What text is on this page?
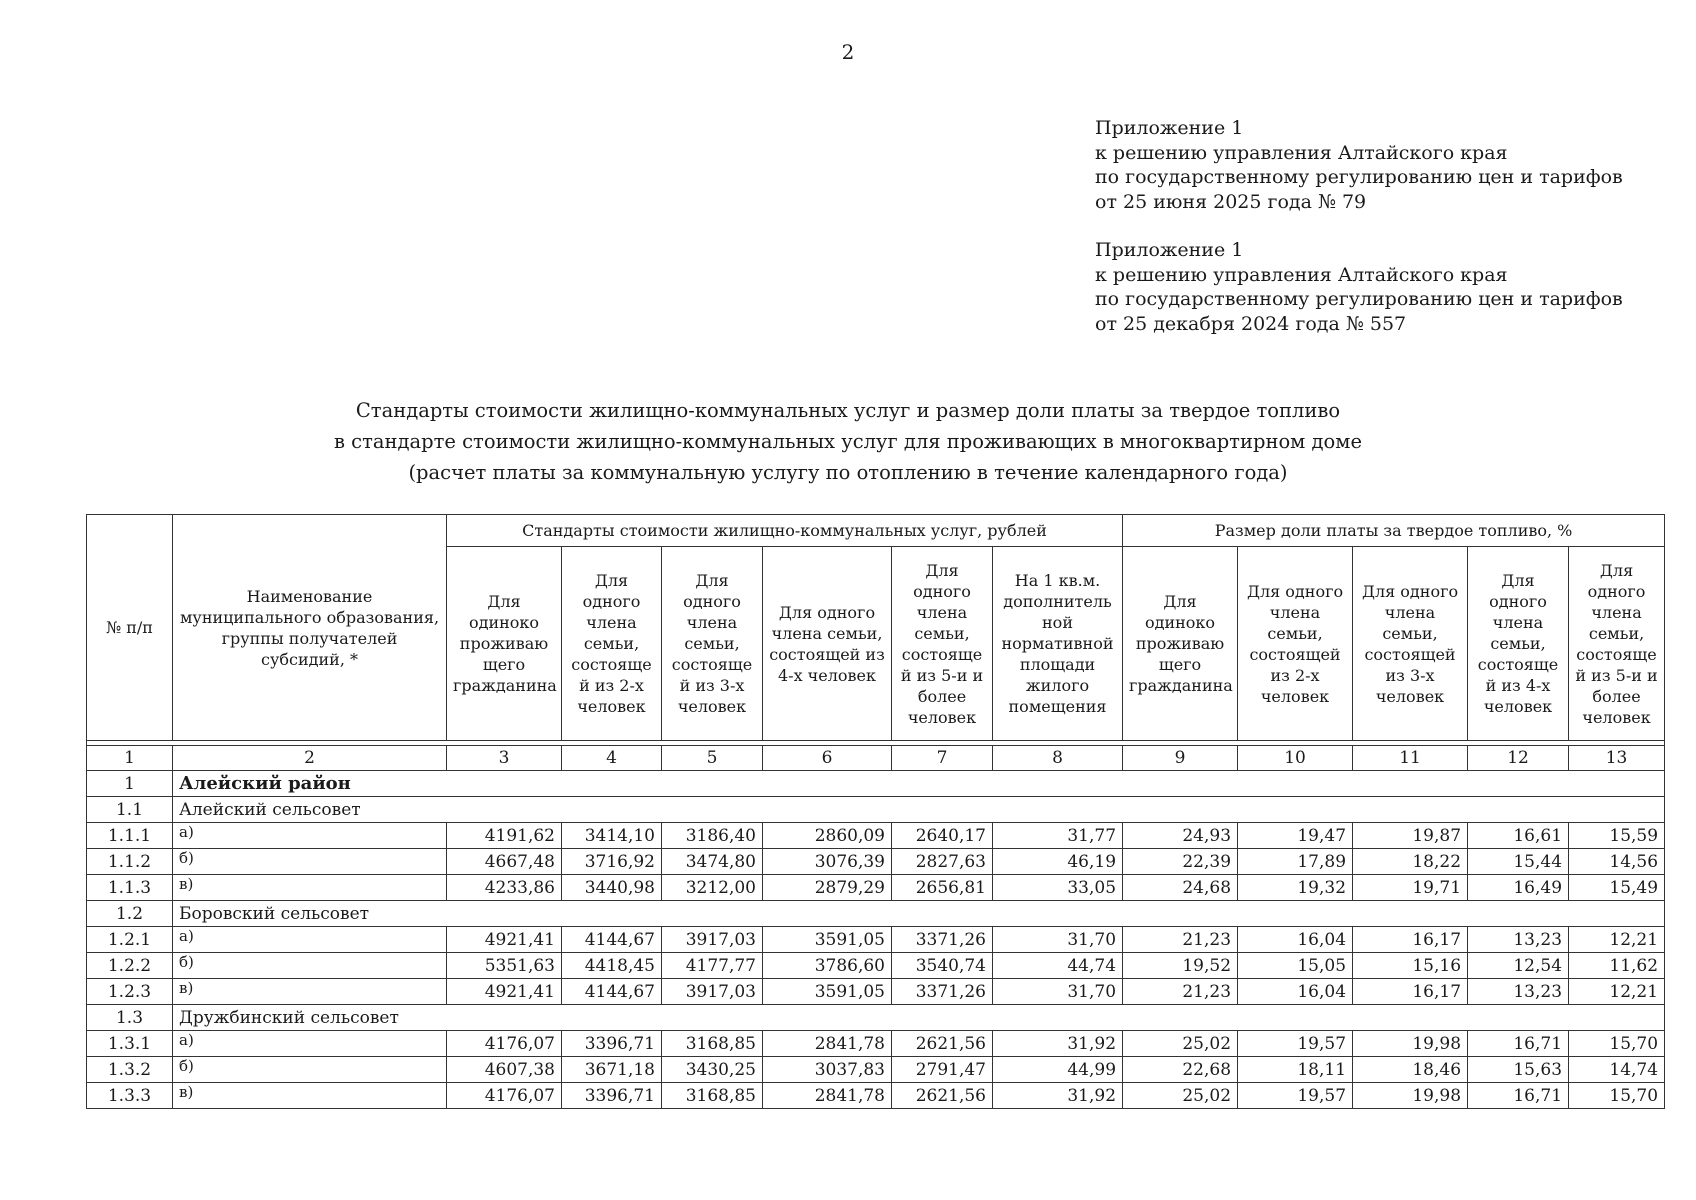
2
Приложение 1
к решению управления Алтайского края
по государственному регулированию цен и тарифов
от 25 июня 2025 года № 79
Приложение 1
к решению управления Алтайского края
по государственному регулированию цен и тарифов
от 25 декабря 2024 года № 557
Стандарты стоимости жилищно-коммунальных услуг и размер доли платы за твердое топливо
в стандарте стоимости жилищно-коммунальных услуг для проживающих в многоквартирном доме
(расчет платы за коммунальную услугу по отоплению в течение календарного года)
№ п/п	Наименование муниципального образования, группы получателей субсидий, *	Стандарты стоимости жилищно-коммунальных услуг, рублей						Размер доли платы за твердое топливо, %				
		Для одиноко проживаю щего гражданина	Для одного члена семьи, состояще й из 2-х человек	Для одного члена семьи, состояще й из 3-х человек	Для одного члена семьи, состоящей из 4-х человек	Для одного члена семьи, состояще й из 5-и и более человек	На 1 кв.м. дополнитель ной нормативной площади жилого помещения	Для одиноко проживаю щего гражданина	Для одного члена семьи, состоящей из 2-х человек	Для одного члена семьи, состоящей из 3-х человек	Для одного члена семьи, состояще й из 4-х человек	Для одного члена семьи, состояще й из 5-и и более человек

1	2	3	4	5	6	7	8	9	10	11	12	13
1	Алейский район											
1.1	Алейский сельсовет											
1.1.1	а)	4191,62	3414,10	3186,40	2860,09	2640,17	31,77	24,93	19,47	19,87	16,61	15,59
1.1.2	б)	4667,48	3716,92	3474,80	3076,39	2827,63	46,19	22,39	17,89	18,22	15,44	14,56
1.1.3	в)	4233,86	3440,98	3212,00	2879,29	2656,81	33,05	24,68	19,32	19,71	16,49	15,49
1.2	Боровский сельсовет											
1.2.1	а)	4921,41	4144,67	3917,03	3591,05	3371,26	31,70	21,23	16,04	16,17	13,23	12,21
1.2.2	б)	5351,63	4418,45	4177,77	3786,60	3540,74	44,74	19,52	15,05	15,16	12,54	11,62
1.2.3	в)	4921,41	4144,67	3917,03	3591,05	3371,26	31,70	21,23	16,04	16,17	13,23	12,21
1.3	Дружбинский сельсовет											
1.3.1	а)	4176,07	3396,71	3168,85	2841,78	2621,56	31,92	25,02	19,57	19,98	16,71	15,70
1.3.2	б)	4607,38	3671,18	3430,25	3037,83	2791,47	44,99	22,68	18,11	18,46	15,63	14,74
1.3.3	в)	4176,07	3396,71	3168,85	2841,78	2621,56	31,92	25,02	19,57	19,98	16,71	15,70
